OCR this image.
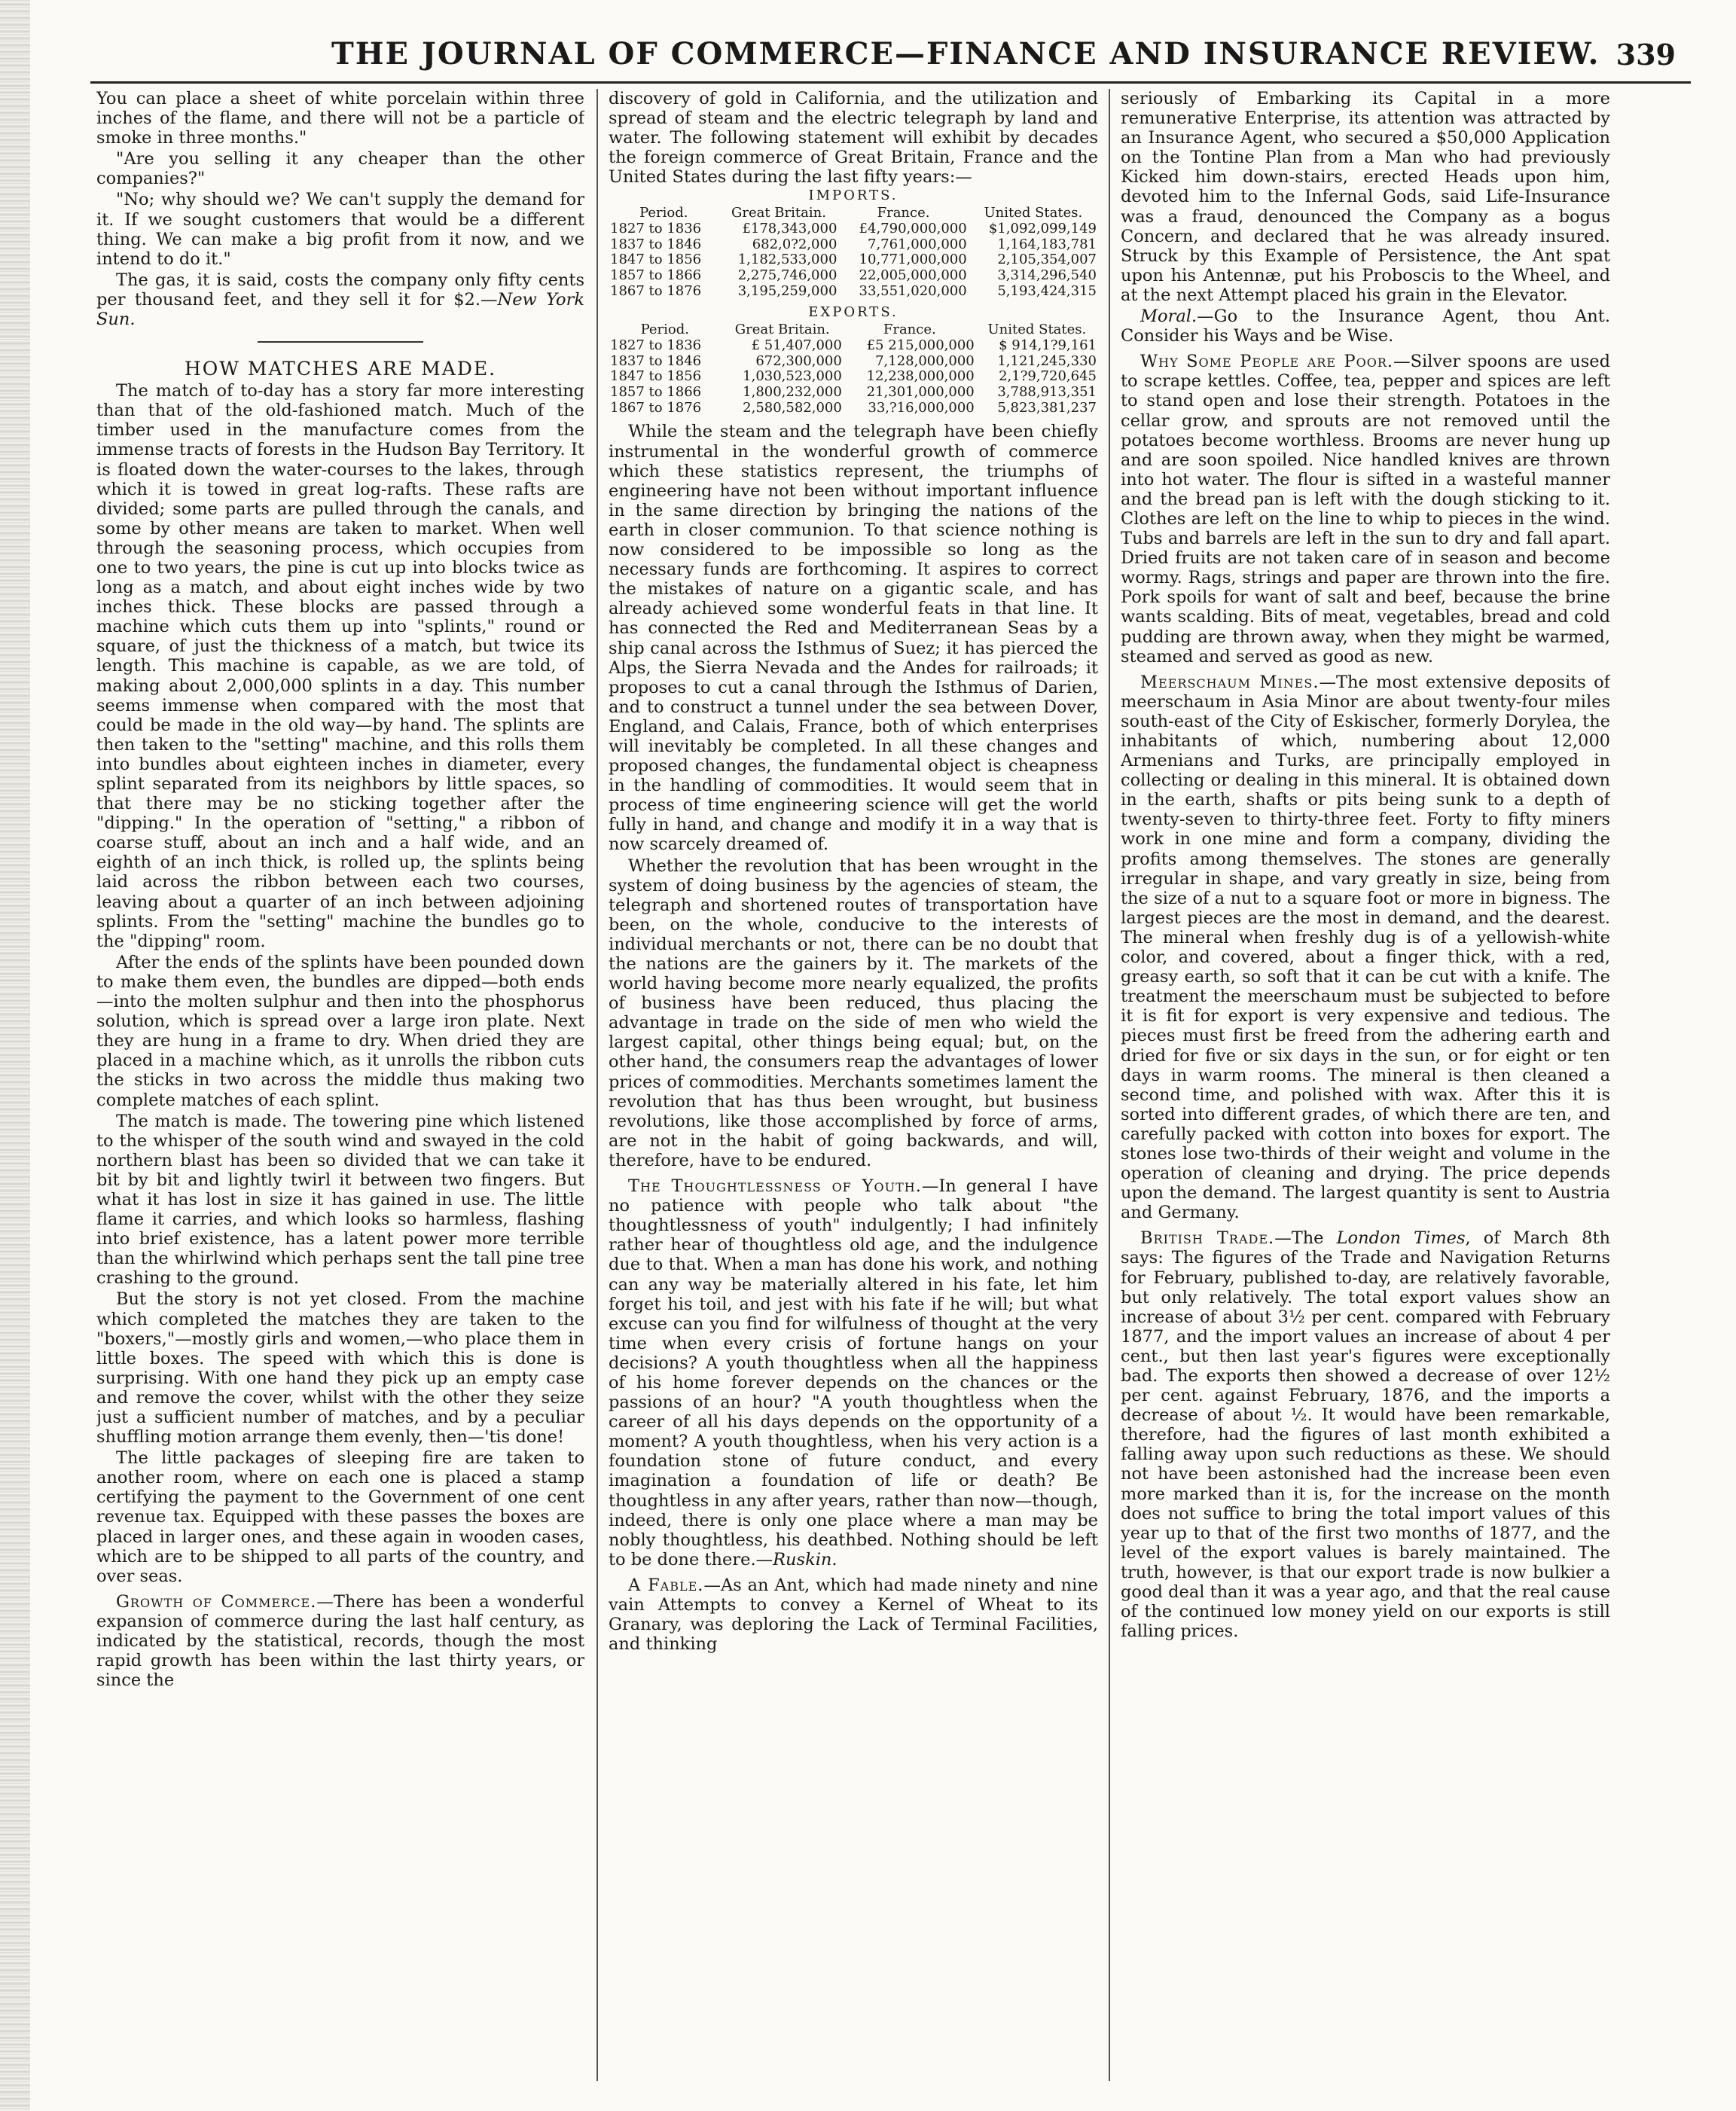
THE JOURNAL OF COMMERCE—FINANCE AND INSURANCE REVIEW. 339

You can place a sheet of white porcelain within three inches of the flame, and there will not be a particle of smoke in three months."

"Are you selling it any cheaper than the other companies?"

"No; why should we? We can't supply the demand for it. If we sought customers that would be a different thing. We can make a big profit from it now, and we intend to do it."

The gas, it is said, costs the company only fifty cents per thousand feet, and they sell it for $2.—New York Sun.

HOW MATCHES ARE MADE.

The match of to-day has a story far more interesting than that of the old-fashioned match. Much of the timber used in the manufacture comes from the immense tracts of forests in the Hudson Bay Territory. It is floated down the water-courses to the lakes, through which it is towed in great log-rafts. These rafts are divided; some parts are pulled through the canals, and some by other means are taken to market. When well through the seasoning process, which occupies from one to two years, the pine is cut up into blocks twice as long as a match, and about eight inches wide by two inches thick. These blocks are passed through a machine which cuts them up into "splints," round or square, of just the thickness of a match, but twice its length. This machine is capable, as we are told, of making about 2,000,000 splints in a day. This number seems immense when compared with the most that could be made in the old way—by hand. The splints are then taken to the "setting" machine, and this rolls them into bundles about eighteen inches in diameter, every splint separated from its neighbors by little spaces, so that there may be no sticking together after the "dipping." In the operation of "setting," a ribbon of coarse stuff, about an inch and a half wide, and an eighth of an inch thick, is rolled up, the splints being laid across the ribbon between each two courses, leaving about a quarter of an inch between adjoining splints. From the "setting" machine the bundles go to the "dipping" room.

After the ends of the splints have been pounded down to make them even, the bundles are dipped—both ends—into the molten sulphur and then into the phosphorus solution, which is spread over a large iron plate. Next they are hung in a frame to dry. When dried they are placed in a machine which, as it unrolls the ribbon cuts the sticks in two across the middle thus making two complete matches of each splint.

The match is made. The towering pine which listened to the whisper of the south wind and swayed in the cold northern blast has been so divided that we can take it bit by bit and lightly twirl it between two fingers. But what it has lost in size it has gained in use. The little flame it carries, and which looks so harmless, flashing into brief existence, has a latent power more terrible than the whirlwind which perhaps sent the tall pine tree crashing to the ground.

But the story is not yet closed. From the machine which completed the matches they are taken to the "boxers,"—mostly girls and women,—who place them in little boxes. The speed with which this is done is surprising. With one hand they pick up an empty case and remove the cover, whilst with the other they seize just a sufficient number of matches, and by a peculiar shuffling motion arrange them evenly, then—'tis done!

The little packages of sleeping fire are taken to another room, where on each one is placed a stamp certifying the payment to the Government of one cent revenue tax. Equipped with these passes the boxes are placed in larger ones, and these again in wooden cases, which are to be shipped to all parts of the country, and over seas.

Growth of Commerce.—There has been a wonderful expansion of commerce during the last half century, as indicated by the statistical, records, though the most rapid growth has been within the last thirty years, or since the

discovery of gold in California, and the utilization and spread of steam and the electric telegraph by land and water. The following statement will exhibit by decades the foreign commerce of Great Britain, France and the United States during the last fifty years:—

IMPORTS.

Period.	Great Britain.	France.	United States.
1827 to 1836	£178,343,000	£4,790,000,000	$1,092,099,149
1837 to 1846	682,0?2,000	7,761,000,000	1,164,183,781
1847 to 1856	1,182,533,000	10,771,000,000	2,105,354,007
1857 to 1866	2,275,746,000	22,005,000,000	3,314,296,540
1867 to 1876	3,195,259,000	33,551,020,000	5,193,424,315

EXPORTS.

Period.	Great Britain.	France.	United States.
1827 to 1836	£ 51,407,000	£5 215,000,000	$ 914,1?9,161
1837 to 1846	672,300,000	7,128,000,000	1,121,245,330
1847 to 1856	1,030,523,000	12,238,000,000	2,1?9,720,645
1857 to 1866	1,800,232,000	21,301,000,000	3,788,913,351
1867 to 1876	2,580,582,000	33,?16,000,000	5,823,381,237

While the steam and the telegraph have been chiefly instrumental in the wonderful growth of commerce which these statistics represent, the triumphs of engineering have not been without important influence in the same direction by bringing the nations of the earth in closer communion. To that science nothing is now considered to be impossible so long as the necessary funds are forthcoming. It aspires to correct the mistakes of nature on a gigantic scale, and has already achieved some wonderful feats in that line. It has connected the Red and Mediterranean Seas by a ship canal across the Isthmus of Suez; it has pierced the Alps, the Sierra Nevada and the Andes for railroads; it proposes to cut a canal through the Isthmus of Darien, and to construct a tunnel under the sea between Dover, England, and Calais, France, both of which enterprises will inevitably be completed. In all these changes and proposed changes, the fundamental object is cheapness in the handling of commodities. It would seem that in process of time engineering science will get the world fully in hand, and change and modify it in a way that is now scarcely dreamed of.

Whether the revolution that has been wrought in the system of doing business by the agencies of steam, the telegraph and shortened routes of transportation have been, on the whole, conducive to the interests of individual merchants or not, there can be no doubt that the nations are the gainers by it. The markets of the world having become more nearly equalized, the profits of business have been reduced, thus placing the advantage in trade on the side of men who wield the largest capital, other things being equal; but, on the other hand, the consumers reap the advantages of lower prices of commodities. Merchants sometimes lament the revolution that has thus been wrought, but business revolutions, like those accomplished by force of arms, are not in the habit of going backwards, and will, therefore, have to be endured.

The Thoughtlessness of Youth.—In general I have no patience with people who talk about "the thoughtlessness of youth" indulgently; I had infinitely rather hear of thoughtless old age, and the indulgence due to that. When a man has done his work, and nothing can any way be materially altered in his fate, let him forget his toil, and jest with his fate if he will; but what excuse can you find for wilfulness of thought at the very time when every crisis of fortune hangs on your decisions? A youth thoughtless when all the happiness of his home forever depends on the chances or the passions of an hour? "A youth thoughtless when the career of all his days depends on the opportunity of a moment? A youth thoughtless, when his very action is a foundation stone of future conduct, and every imagination a foundation of life or death? Be thoughtless in any after years, rather than now—though, indeed, there is only one place where a man may be nobly thoughtless, his deathbed. Nothing should be left to be done there.—Ruskin.

A Fable.—As an Ant, which had made ninety and nine vain Attempts to convey a Kernel of Wheat to its Granary, was deploring the Lack of Terminal Facilities, and thinking

seriously of Embarking its Capital in a more remunerative Enterprise, its attention was attracted by an Insurance Agent, who secured a $50,000 Application on the Tontine Plan from a Man who had previously Kicked him down-stairs, erected Heads upon him, devoted him to the Infernal Gods, said Life-Insurance was a fraud, denounced the Company as a bogus Concern, and declared that he was already insured. Struck by this Example of Persistence, the Ant spat upon his Antennæ, put his Proboscis to the Wheel, and at the next Attempt placed his grain in the Elevator.

Moral.—Go to the Insurance Agent, thou Ant. Consider his Ways and be Wise.

Why Some People are Poor.—Silver spoons are used to scrape kettles. Coffee, tea, pepper and spices are left to stand open and lose their strength. Potatoes in the cellar grow, and sprouts are not removed until the potatoes become worthless. Brooms are never hung up and are soon spoiled. Nice handled knives are thrown into hot water. The flour is sifted in a wasteful manner and the bread pan is left with the dough sticking to it. Clothes are left on the line to whip to pieces in the wind. Tubs and barrels are left in the sun to dry and fall apart. Dried fruits are not taken care of in season and become wormy. Rags, strings and paper are thrown into the fire. Pork spoils for want of salt and beef, because the brine wants scalding. Bits of meat, vegetables, bread and cold pudding are thrown away, when they might be warmed, steamed and served as good as new.

Meerschaum Mines.—The most extensive deposits of meerschaum in Asia Minor are about twenty-four miles south-east of the City of Eskischer, formerly Dorylea, the inhabitants of which, numbering about 12,000 Armenians and Turks, are principally employed in collecting or dealing in this mineral. It is obtained down in the earth, shafts or pits being sunk to a depth of twenty-seven to thirty-three feet. Forty to fifty miners work in one mine and form a company, dividing the profits among themselves. The stones are generally irregular in shape, and vary greatly in size, being from the size of a nut to a square foot or more in bigness. The largest pieces are the most in demand, and the dearest. The mineral when freshly dug is of a yellowish-white color, and covered, about a finger thick, with a red, greasy earth, so soft that it can be cut with a knife. The treatment the meerschaum must be subjected to before it is fit for export is very expensive and tedious. The pieces must first be freed from the adhering earth and dried for five or six days in the sun, or for eight or ten days in warm rooms. The mineral is then cleaned a second time, and polished with wax. After this it is sorted into different grades, of which there are ten, and carefully packed with cotton into boxes for export. The stones lose two-thirds of their weight and volume in the operation of cleaning and drying. The price depends upon the demand. The largest quantity is sent to Austria and Germany.

British Trade.—The London Times, of March 8th says: The figures of the Trade and Navigation Returns for February, published to-day, are relatively favorable, but only relatively. The total export values show an increase of about 3½ per cent. compared with February 1877, and the import values an increase of about 4 per cent., but then last year's figures were exceptionally bad. The exports then showed a decrease of over 12½ per cent. against February, 1876, and the imports a decrease of about ½. It would have been remarkable, therefore, had the figures of last month exhibited a falling away upon such reductions as these. We should not have been astonished had the increase been even more marked than it is, for the increase on the month does not suffice to bring the total import values of this year up to that of the first two months of 1877, and the level of the export values is barely maintained. The truth, however, is that our export trade is now bulkier a good deal than it was a year ago, and that the real cause of the continued low money yield on our exports is still falling prices.
